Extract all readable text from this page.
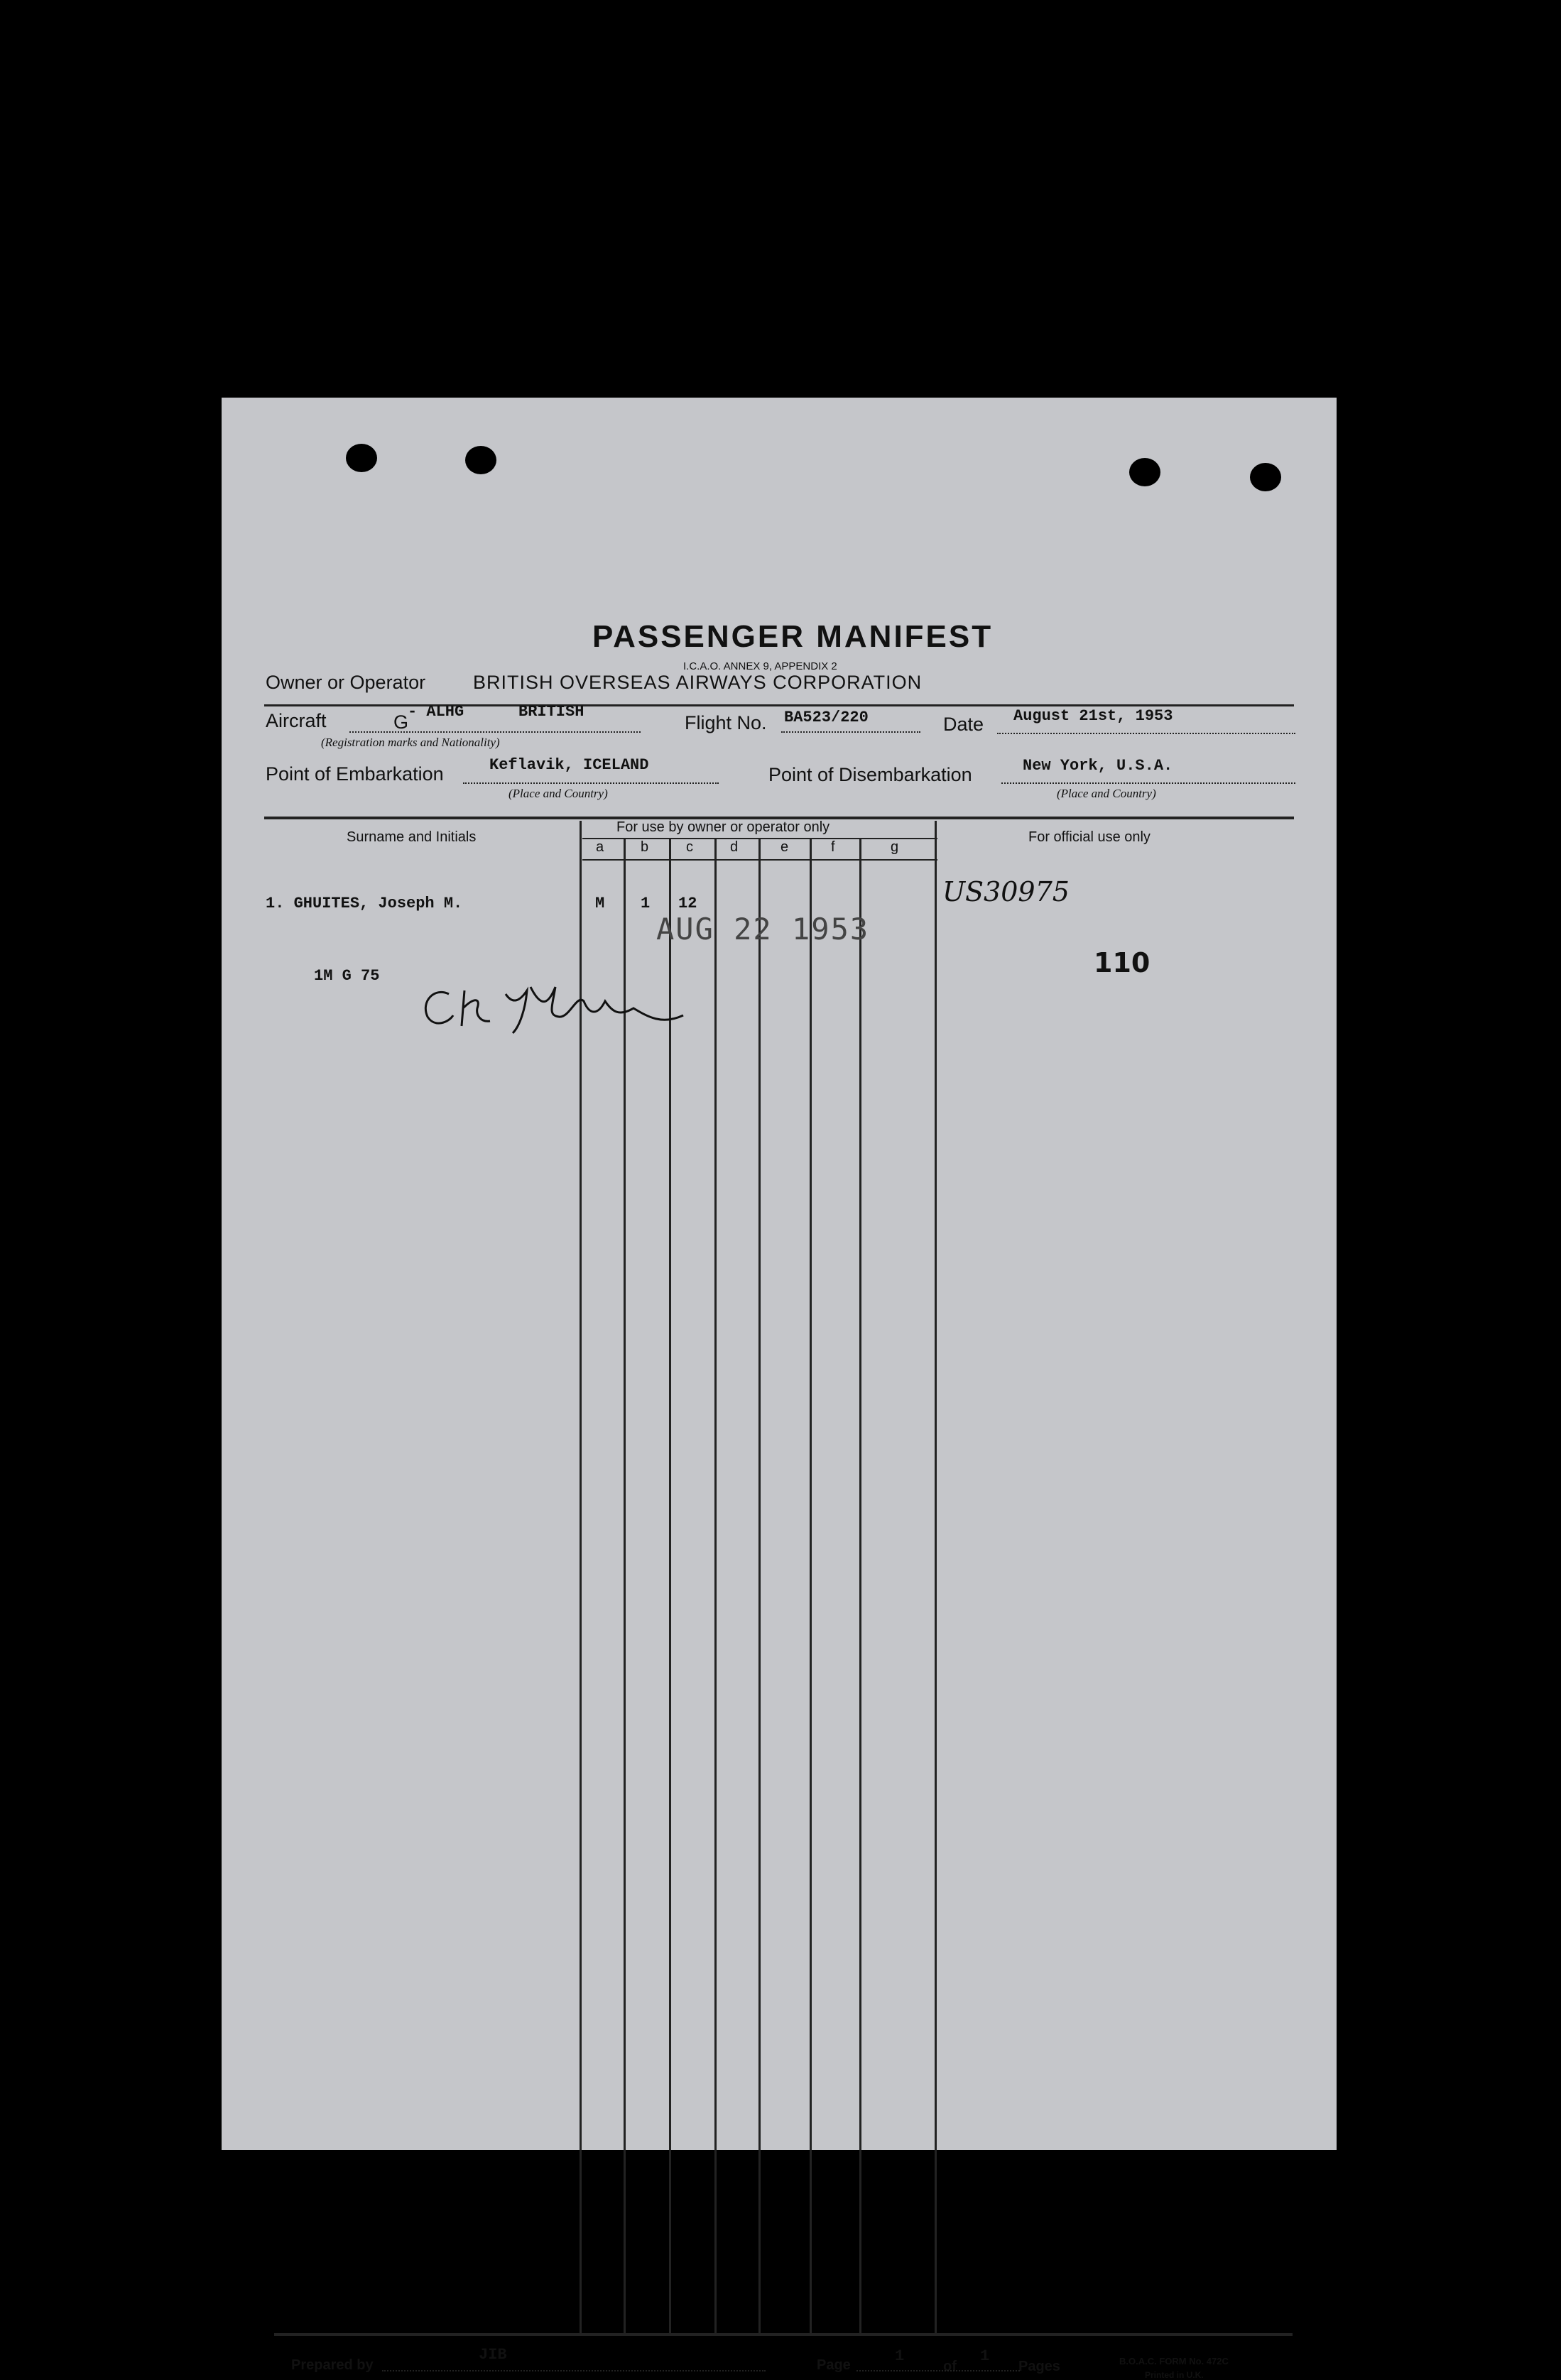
PASSENGER MANIFEST
I.C.A.O. ANNEX 9, APPENDIX 2
Owner or Operator BRITISH OVERSEAS AIRWAYS CORPORATION
Aircraft	G
- ALHG	BRITISH
(Registration marks and Nationality)
Flight No. BA523/220	Date August 21st, 1953
Point of Embarkation	Keflavik, ICELAND
(Place and Country)
Point of Disembarkation	New York, U.S.A.
(Place and Country)
Surname and Initials
For use by owner or operator only
a	b	c	d	e	f	g
For official use only
1. GHUITES, Joseph M.	M 1 12	US30975
AUG 22 1953
1M G 75	110
Prepared by
JIB
Page	1
of
1
Pages	B.O.A.C. FORM No. 472C
Printed in U.K.
